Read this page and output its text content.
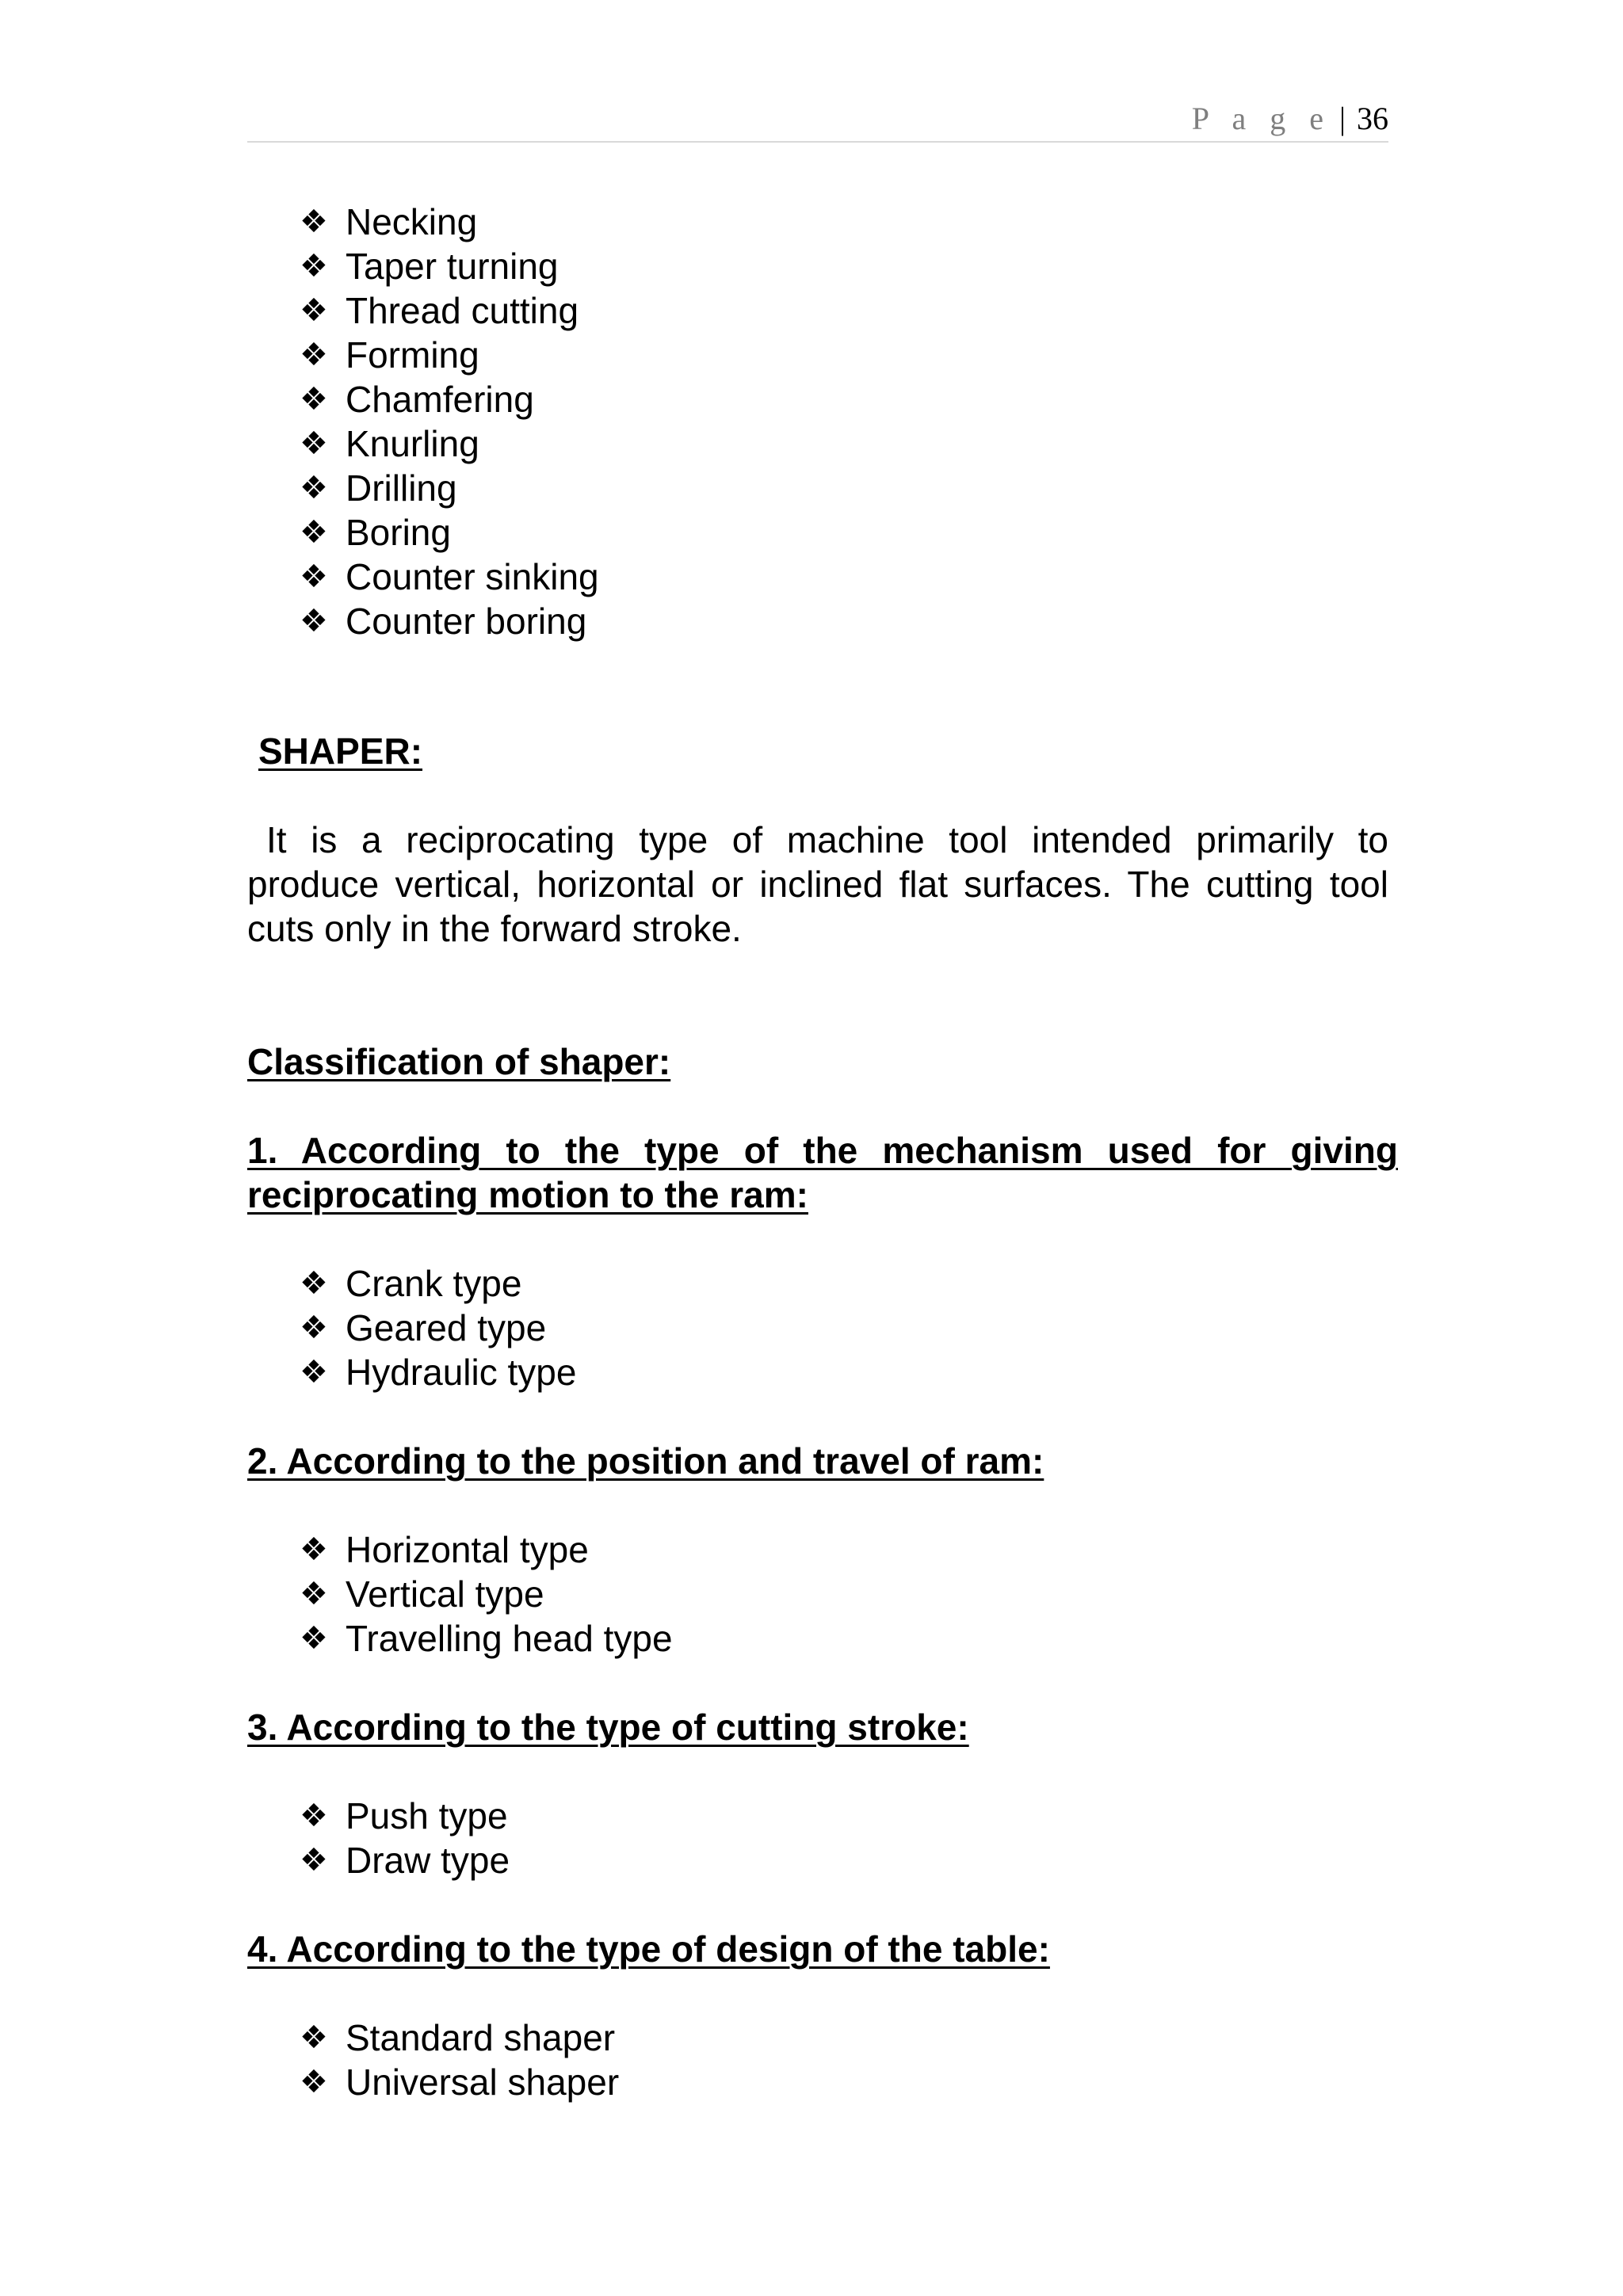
P a g e | 36
❖ Necking
❖ Taper turning
❖ Thread cutting
❖ Forming
❖ Chamfering
❖ Knurling
❖ Drilling
❖ Boring
❖ Counter sinking
❖ Counter boring
SHAPER:

It is a reciprocating type of machine tool intended primarily to produce vertical, horizontal or inclined flat surfaces. The cutting tool cuts only in the forward stroke.

Classification of shaper:
1. According to the type of the mechanism used for giving reciprocating motion to the ram:
❖ Crank type
❖ Geared type
❖ Hydraulic type
2. According to the position and travel of ram:
❖ Horizontal type
❖ Vertical type
❖ Travelling head type
3. According to the type of cutting stroke:
❖ Push type
❖ Draw type
4. According to the type of design of the table:
❖ Standard shaper
❖ Universal shaper
